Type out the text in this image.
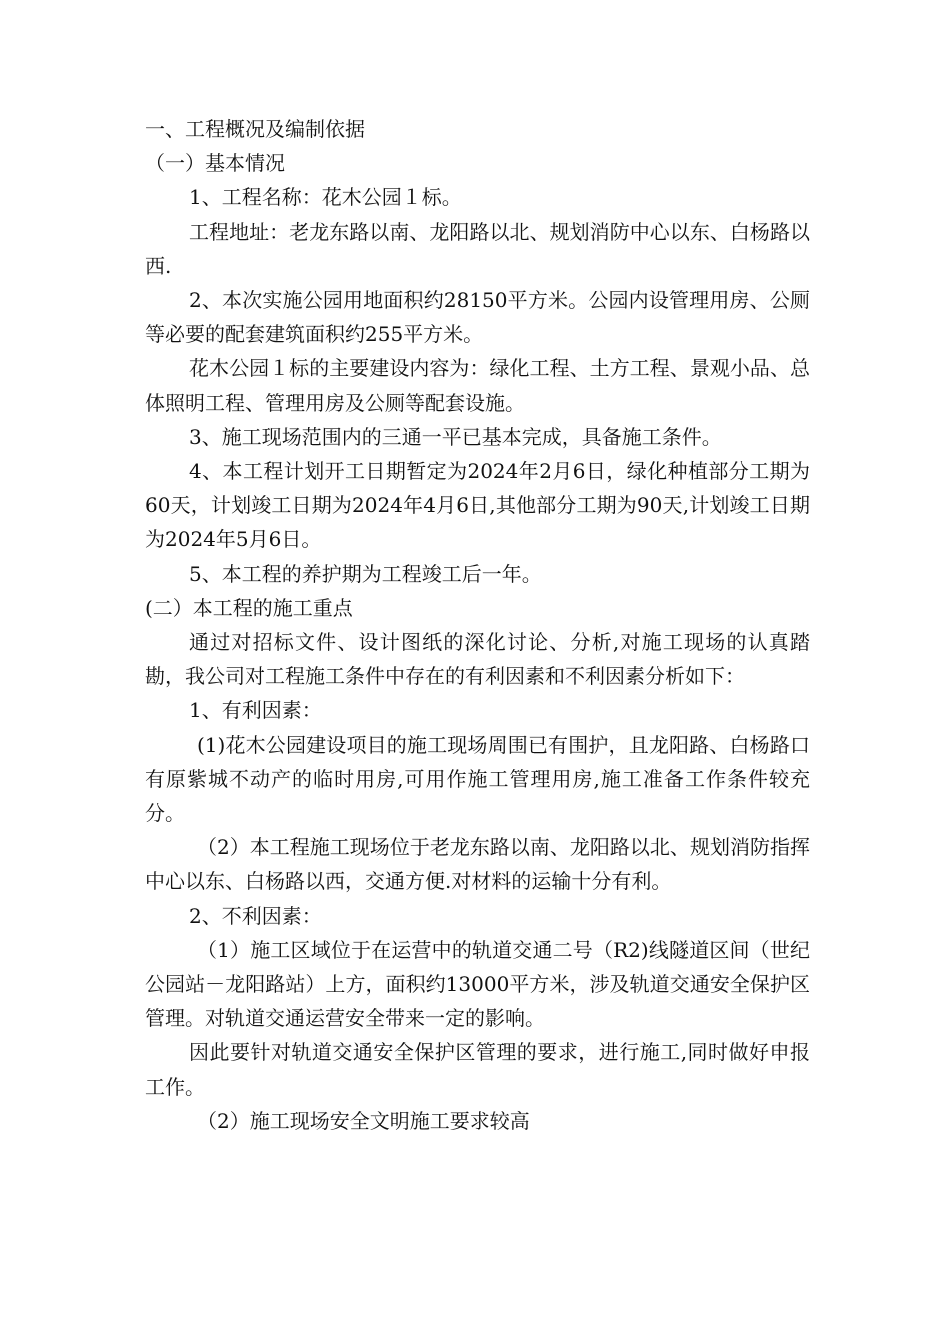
一、工程概况及编制依据

（一）基本情况

1、工程名称：花木公园１标。

工程地址：老龙东路以南、龙阳路以北、规划消防中心以东、白杨路以西.

2、本次实施公园用地面积约28150平方米。公园内设管理用房、公厕等必要的配套建筑面积约255平方米。

花木公园１标的主要建设内容为：绿化工程、土方工程、景观小品、总体照明工程、管理用房及公厕等配套设施。

3、施工现场范围内的三通一平已基本完成，具备施工条件。

4、本工程计划开工日期暂定为2024年2月6日，绿化种植部分工期为60天，计划竣工日期为2024年4月6日,其他部分工期为90天,计划竣工日期为2024年5月6日。

5、本工程的养护期为工程竣工后一年。

(二）本工程的施工重点

通过对招标文件、设计图纸的深化讨论、分析,对施工现场的认真踏勘，我公司对工程施工条件中存在的有利因素和不利因素分析如下：

1、有利因素：

(1)花木公园建设项目的施工现场周围已有围护，且龙阳路、白杨路口有原紫城不动产的临时用房,可用作施工管理用房,施工准备工作条件较充分。

（2）本工程施工现场位于老龙东路以南、龙阳路以北、规划消防指挥中心以东、白杨路以西，交通方便.对材料的运输十分有利。

2、不利因素：

（1）施工区域位于在运营中的轨道交通二号（R2)线隧道区间（世纪公园站－龙阳路站）上方，面积约13000平方米，涉及轨道交通安全保护区管理。对轨道交通运营安全带来一定的影响。

因此要针对轨道交通安全保护区管理的要求，进行施工,同时做好申报工作。

（2）施工现场安全文明施工要求较高
